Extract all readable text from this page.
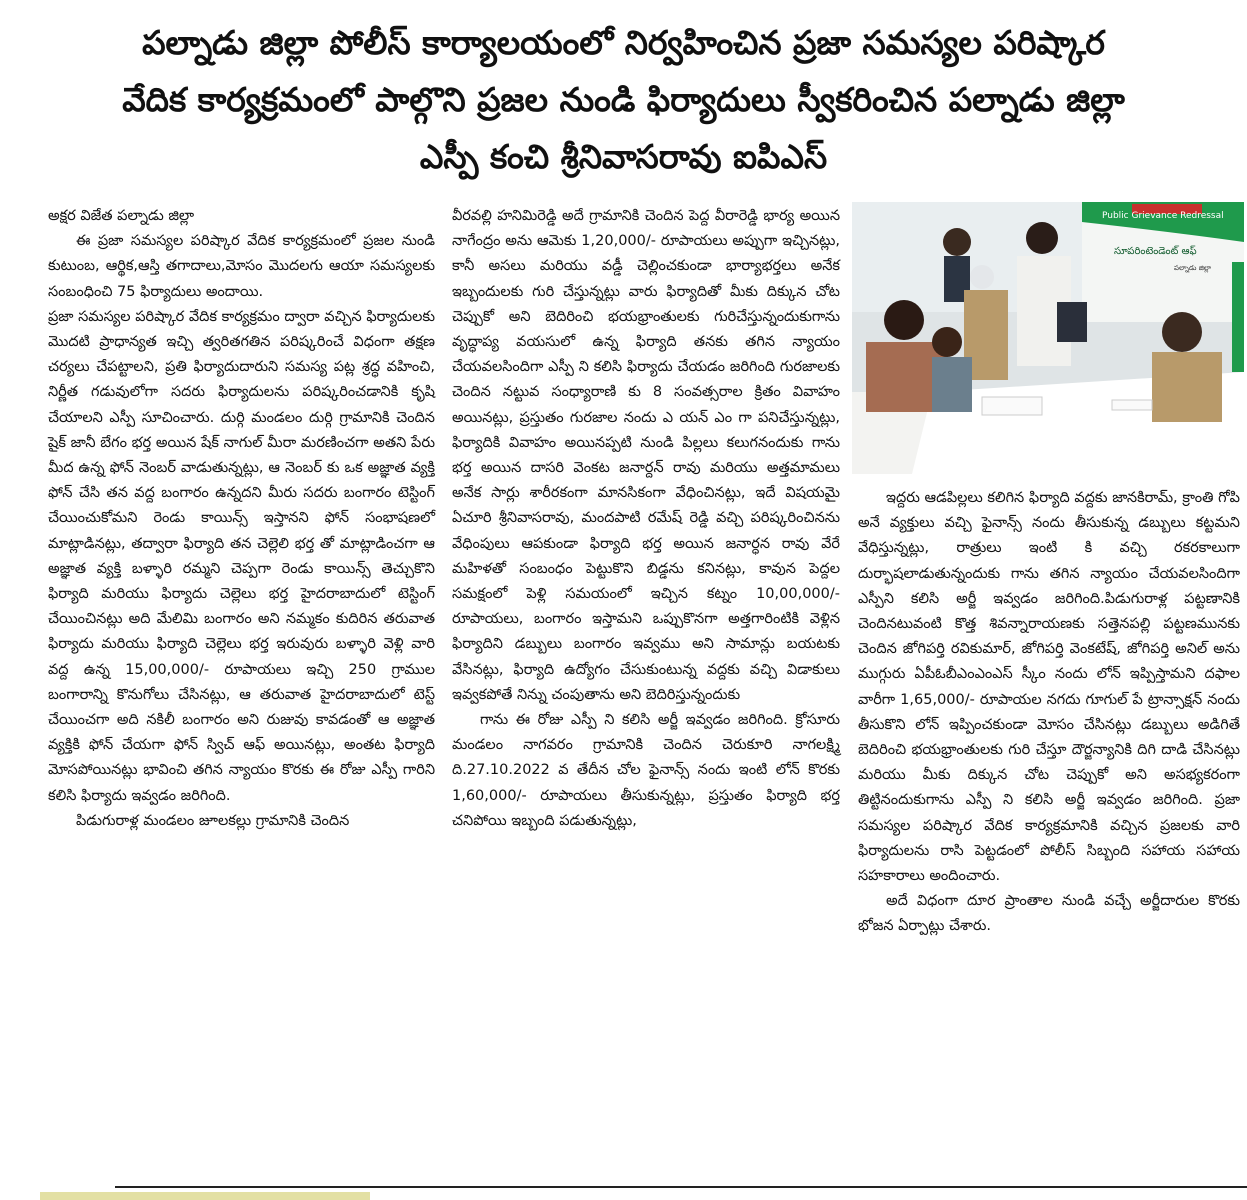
పల్నాడు జిల్లా పోలీస్ కార్యాలయంలో నిర్వహించిన ప్రజా సమస్యల పరిష్కార
వేదిక కార్యక్రమంలో పాల్గొని ప్రజల నుండి ఫిర్యాదులు స్వీకరించిన పల్నాడు జిల్లా
ఎస్పీ కంచి శ్రీనివాసరావు ఐపిఎస్

అక్షర విజేత పల్నాడు జిల్లా

ఈ ప్రజా సమస్యల పరిష్కార వేదిక కార్యక్రమంలో ప్రజల నుండి కుటుంబ, ఆర్థిక,ఆస్తి తగాదాలు,మోసం మొదలగు ఆయా సమస్యలకు సంబంధించి 75 ఫిర్యాదులు అందాయి.

ప్రజా సమస్యల పరిష్కార వేదిక కార్యక్రమం ద్వారా వచ్చిన ఫిర్యాదులకు మొదటి ప్రాధాన్యత ఇచ్చి త్వరితగతిన పరిష్కరించే విధంగా తక్షణ చర్యలు చేపట్టాలని, ప్రతి ఫిర్యాదుదారుని సమస్య పట్ల శ్రద్ధ వహించి, నిర్ణీత గడువులోగా సదరు ఫిర్యాదులను పరిష్కరించడానికి కృషి చేయాలని ఎస్పీ సూచించారు. దుర్గి మండలం దుర్గి గ్రామానికి చెందిన షైక్ జానీ బేగం భర్త అయిన షేక్ నాగుల్ మీరా మరణించగా అతని పేరు మీద ఉన్న ఫోన్ నెంబర్ వాడుతున్నట్లు, ఆ నెంబర్ కు ఒక అజ్ఞాత వ్యక్తి ఫోన్ చేసి తన వద్ద బంగారం ఉన్నదని మీరు సదరు బంగారం టెస్టింగ్ చేయించుకోమని రెండు కాయిన్స్ ఇస్తానని ఫోన్ సంభాషణలో మాట్లాడినట్లు, తద్వారా ఫిర్యాది తన చెల్లెలి భర్త తో మాట్లాడించగా ఆ అజ్ఞాత వ్యక్తి బళ్ళారి రమ్మని చెప్పగా రెండు కాయిన్స్ తెచ్చుకొని ఫిర్యాది మరియు ఫిర్యాదు చెల్లెలు భర్త హైదరాబాదులో టెస్టింగ్ చేయించినట్లు అది మేలిమి బంగారం అని నమ్మకం కుదిరిన తరువాత ఫిర్యాదు మరియు ఫిర్యాది చెల్లెలు భర్త ఇరువురు బళ్ళారి వెళ్లి వారి వద్ద ఉన్న 15,00,000/- రూపాయలు ఇచ్చి 250 గ్రాముల బంగారాన్ని కొనుగోలు చేసినట్లు, ఆ తరువాత హైదరాబాదులో టెస్ట్ చేయించగా అది నకిలీ బంగారం అని రుజువు కావడంతో ఆ అజ్ఞాత వ్యక్తికి ఫోన్ చేయగా ఫోన్ స్విచ్ ఆఫ్ అయినట్లు, అంతట ఫిర్యాది మోసపోయినట్లు భావించి తగిన న్యాయం కొరకు ఈ రోజు ఎస్పీ గారిని కలిసి ఫిర్యాదు ఇవ్వడం జరిగింది.

పిడుగురాళ్ల మండలం జూలకల్లు గ్రామానికి చెందిన

వీరవల్లి హనిమిరెడ్డి అదే గ్రామానికి చెందిన పెద్ద వీరారెడ్డి భార్య అయిన నాగేంద్రం అను ఆమెకు 1,20,000/- రూపాయలు అప్పుగా ఇచ్చినట్లు, కానీ అసలు మరియు వడ్డీ చెల్లించకుండా భార్యాభర్తలు అనేక ఇబ్బందులకు గురి చేస్తున్నట్లు వారు ఫిర్యాదితో మీకు దిక్కున చోట చెప్పుకో అని బెదిరించి భయభ్రాంతులకు గురిచేస్తున్నందుకుగాను వృద్ధాప్య వయసులో ఉన్న ఫిర్యాది తనకు తగిన న్యాయం చేయవలసిందిగా ఎస్పీ ని కలిసి ఫిర్యాదు చేయడం జరిగింది గురజాలకు చెందిన నట్టువ సంధ్యారాణి కు 8 సంవత్సరాల క్రితం వివాహం అయినట్లు, ప్రస్తుతం గురజాల నందు ఎ యన్ ఎం గా పనిచేస్తున్నట్లు, ఫిర్యాదికి వివాహం అయినప్పటి నుండి పిల్లలు కలుగనందుకు గాను భర్త అయిన దాసరి వెంకట జనార్దన్ రావు మరియు అత్తమామలు అనేక సార్లు శారీరకంగా మానసికంగా వేధించినట్లు, ఇదే విషయమై ఏచూరి శ్రీనివాసరావు, మందపాటి రమేష్ రెడ్డి వచ్చి పరిష్కరించినను వేధింపులు ఆపకుండా ఫిర్యాది భర్త అయిన జనార్ధన రావు వేరే మహిళతో సంబంధం పెట్టుకొని బిడ్డను కనినట్లు, కావున పెద్దల సమక్షంలో పెళ్లి సమయంలో ఇచ్చిన కట్నం 10,00,000/- రూపాయలు, బంగారం ఇస్తామని ఒప్పుకొనగా అత్తగారింటికి వెళ్లిన ఫిర్యాదిని డబ్బులు బంగారం ఇవ్వము అని సామాన్లు బయటకు వేసినట్లు, ఫిర్యాది ఉద్యోగం చేసుకుంటున్న వద్దకు వచ్చి విడాకులు ఇవ్వకపోతే నిన్ను చంపుతాను అని బెదిరిస్తున్నందుకు

గాను ఈ రోజు ఎస్పీ ని కలిసి అర్జీ ఇవ్వడం జరిగింది. క్రోసూరు మండలం నాగవరం గ్రామానికి చెందిన చెరుకూరి నాగలక్ష్మి ది.27.10.2022 వ తేదీన చోల ఫైనాన్స్ నందు ఇంటి లోన్ కొరకు 1,60,000/- రూపాయలు తీసుకున్నట్లు, ప్రస్తుతం ఫిర్యాది భర్త చనిపోయి ఇబ్బంది పడుతున్నట్లు,

Public Grievance Redressal
సూపరింటెండెంట్ ఆఫ్
పల్నాడు జిల్లా

ఇద్దరు ఆడపిల్లలు కలిగిన ఫిర్యాది వద్దకు జానకిరామ్, క్రాంతి గోపి అనే వ్యక్తులు వచ్చి ఫైనాన్స్ నందు తీసుకున్న డబ్బులు కట్టమని వేధిస్తున్నట్లు, రాత్రులు ఇంటి కి వచ్చి రకరకాలుగా దుర్భాషలాడుతున్నందుకు గాను తగిన న్యాయం చేయవలసిందిగా ఎస్పీని కలిసి అర్జీ ఇవ్వడం జరిగింది.పిడుగురాళ్ల పట్టణానికి చెందినటువంటి కొత్త శివన్నారాయణకు సత్తెనపల్లి పట్టణమునకు చెందిన జోగిపర్తి రవికుమార్, జోగిపర్తి వెంకటేష్, జోగిపర్తి అనిల్ అను ముగ్గురు ఏపీఓబీఎంఎంఎస్ స్కీం నందు లోన్ ఇప్పిస్తామని దఫాల వారీగా 1,65,000/- రూపాయల నగదు గూగుల్ పే ట్రాన్సాక్షన్ నందు తీసుకొని లోన్ ఇప్పించకుండా మోసం చేసినట్లు డబ్బులు అడిగితే బెదిరించి భయభ్రాంతులకు గురి చేస్తూ దౌర్జన్యానికి దిగి దాడి చేసినట్లు మరియు మీకు దిక్కున చోట చెప్పుకో అని అసభ్యకరంగా తిట్టినందుకుగాను ఎస్పీ ని కలిసి అర్జీ ఇవ్వడం జరిగింది. ప్రజా సమస్యల పరిష్కార వేదిక కార్యక్రమానికి వచ్చిన ప్రజలకు వారి ఫిర్యాదులను రాసి పెట్టడంలో పోలీస్ సిబ్బంది సహాయ సహాయ సహకారాలు అందించారు.

అదే విధంగా దూర ప్రాంతాల నుండి వచ్చే అర్జీదారుల కొరకు భోజన ఏర్పాట్లు చేశారు.
